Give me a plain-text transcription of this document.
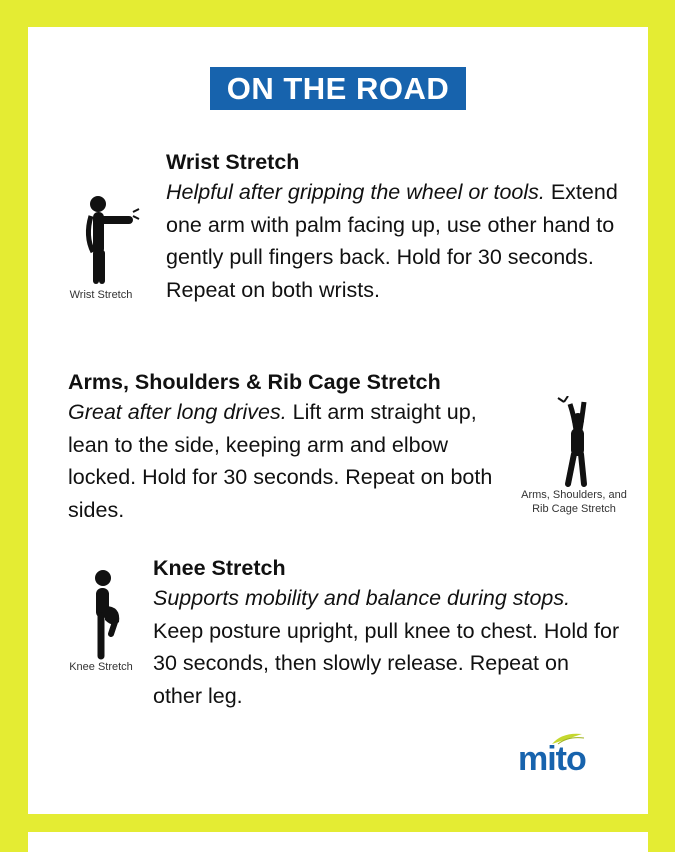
ON THE ROAD
Wrist Stretch

Helpful after gripping the wheel or tools. Extend one arm with palm facing up, use other hand to gently pull fingers back. Hold for 30 seconds. Repeat on both wrists.

Wrist Stretch
Arms, Shoulders & Rib Cage Stretch

Great after long drives. Lift arm straight up, lean to the side, keeping arm and elbow locked. Hold for 30 seconds. Repeat on both sides.

Arms, Shoulders, and
Rib Cage Stretch
Knee Stretch

Supports mobility and balance during stops. Keep posture upright, pull knee to chest. Hold for 30 seconds, then slowly release. Repeat on other leg.

Knee Stretch
mito
